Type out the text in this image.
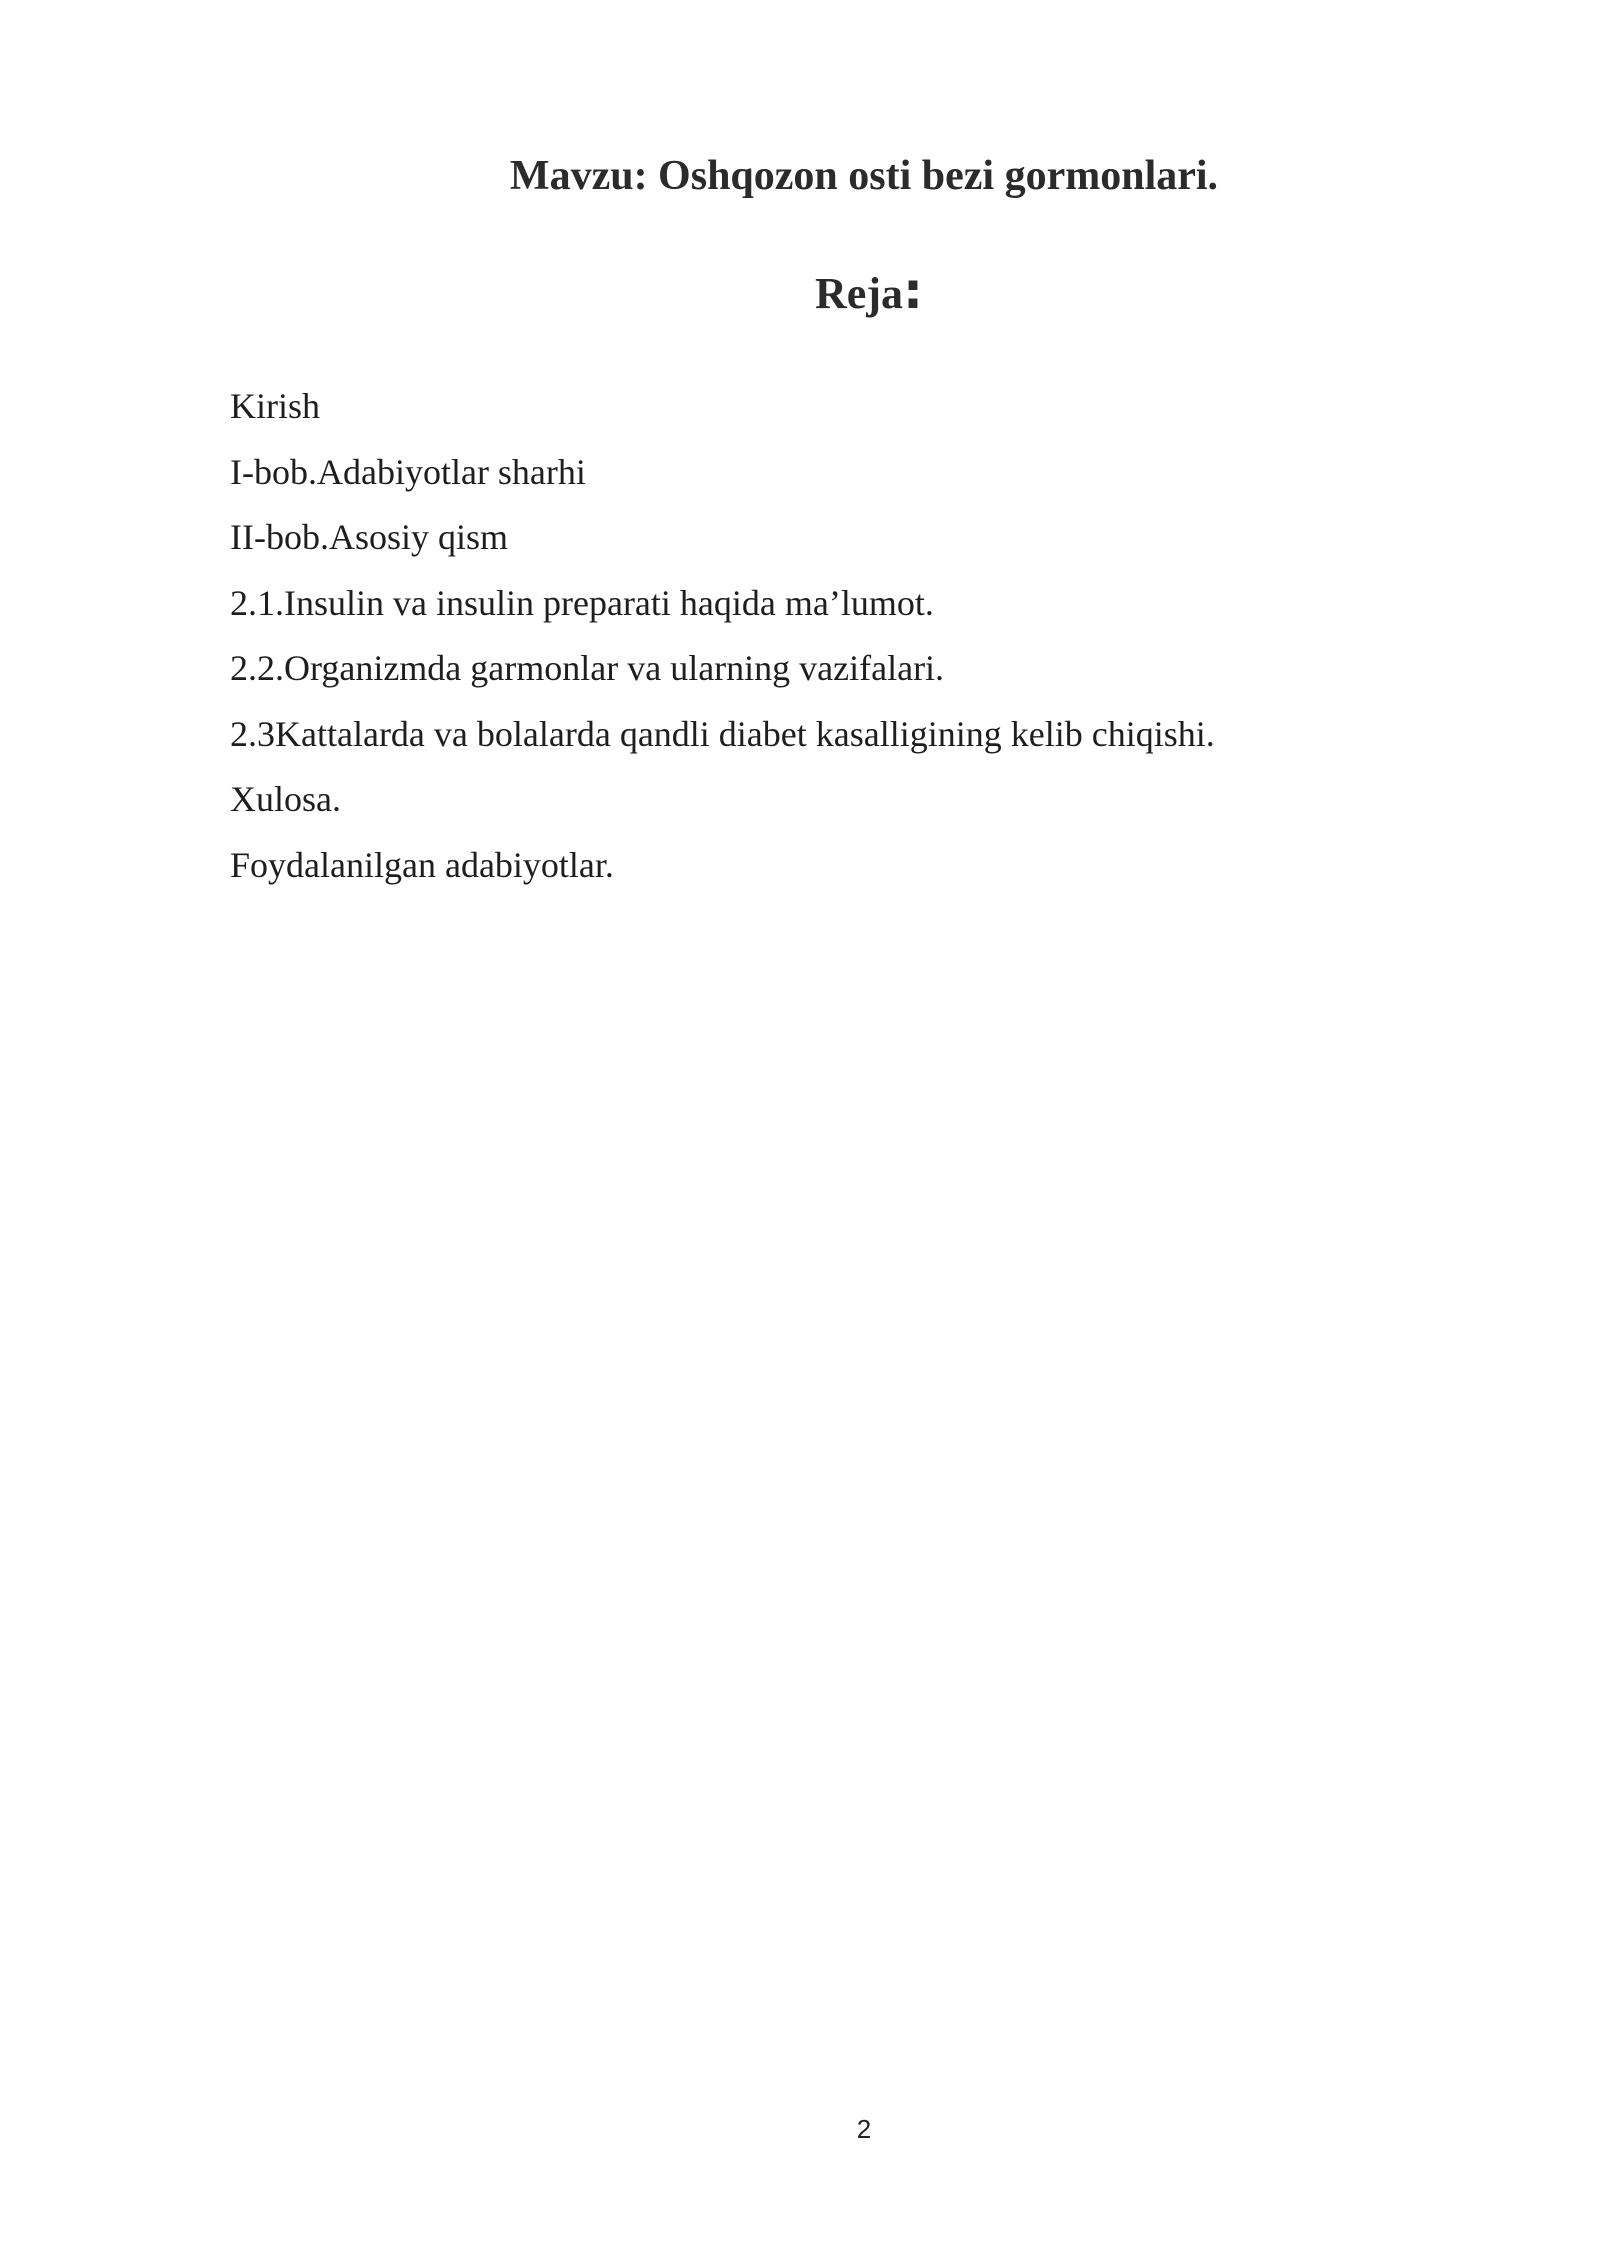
Mavzu: Oshqozon osti bezi gormonlari.
Reja:
Kirish
I-bob.Adabiyotlar sharhi
II-bob.Asosiy qism
2.1.Insulin va insulin preparati haqida ma’lumot.
2.2.Organizmda garmonlar va ularning vazifalari.
2.3Kattalarda va bolalarda qandli diabet kasalligining kelib chiqishi.
Xulosa.
Foydalanilgan adabiyotlar.
2
